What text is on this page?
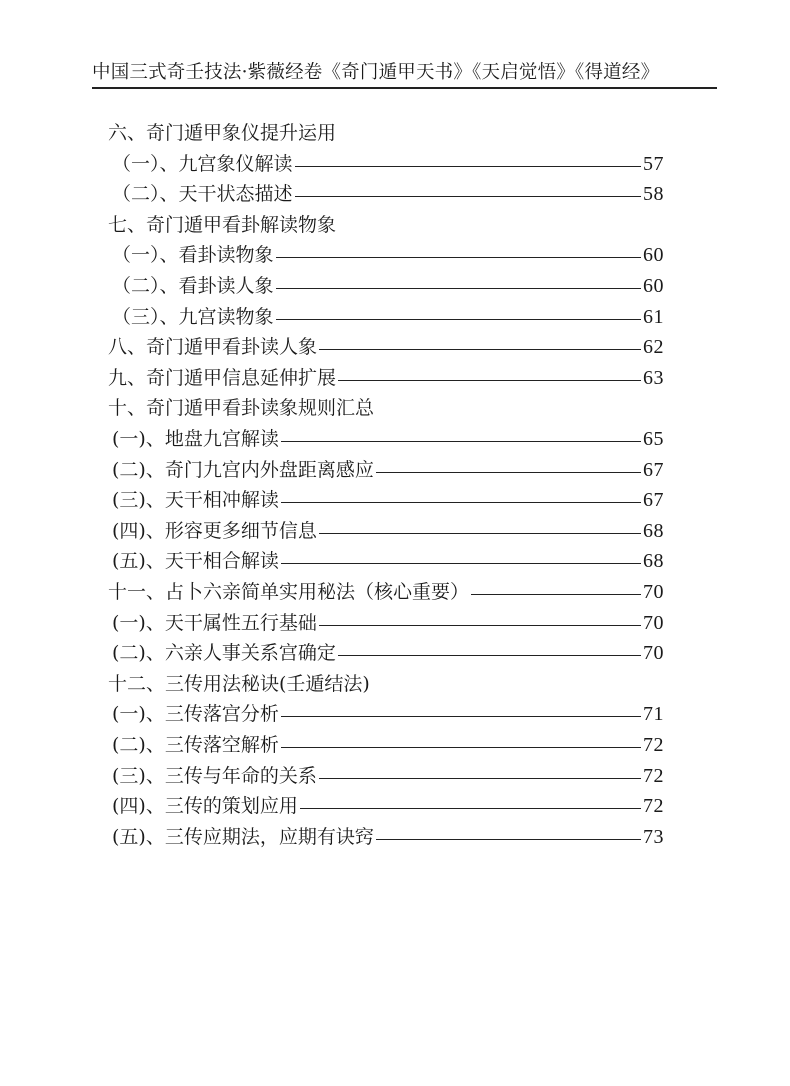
中国三式奇壬技法·紫薇经卷《奇门遁甲天书》《天启觉悟》《得道经》
六、奇门遁甲象仪提升运用
（一）、九宫象仪解读	57
（二）、天干状态描述	58
七、奇门遁甲看卦解读物象
（一）、看卦读物象	60
（二）、看卦读人象	60
（三）、九宫读物象	61
八、奇门遁甲看卦读人象	62
九、奇门遁甲信息延伸扩展	63
十、奇门遁甲看卦读象规则汇总
(一)、地盘九宫解读	65
(二)、奇门九宫内外盘距离感应	67
(三)、天干相冲解读	67
(四)、形容更多细节信息	68
(五)、天干相合解读	68
十一、占卜六亲简单实用秘法（核心重要）	70
(一)、天干属性五行基础	70
(二)、六亲人事关系宫确定	70
十二、三传用法秘诀(壬遁结法)
(一)、三传落宫分析	71
(二)、三传落空解析	72
(三)、三传与年命的关系	72
(四)、三传的策划应用	72
(五)、三传应期法，应期有诀窍	73
